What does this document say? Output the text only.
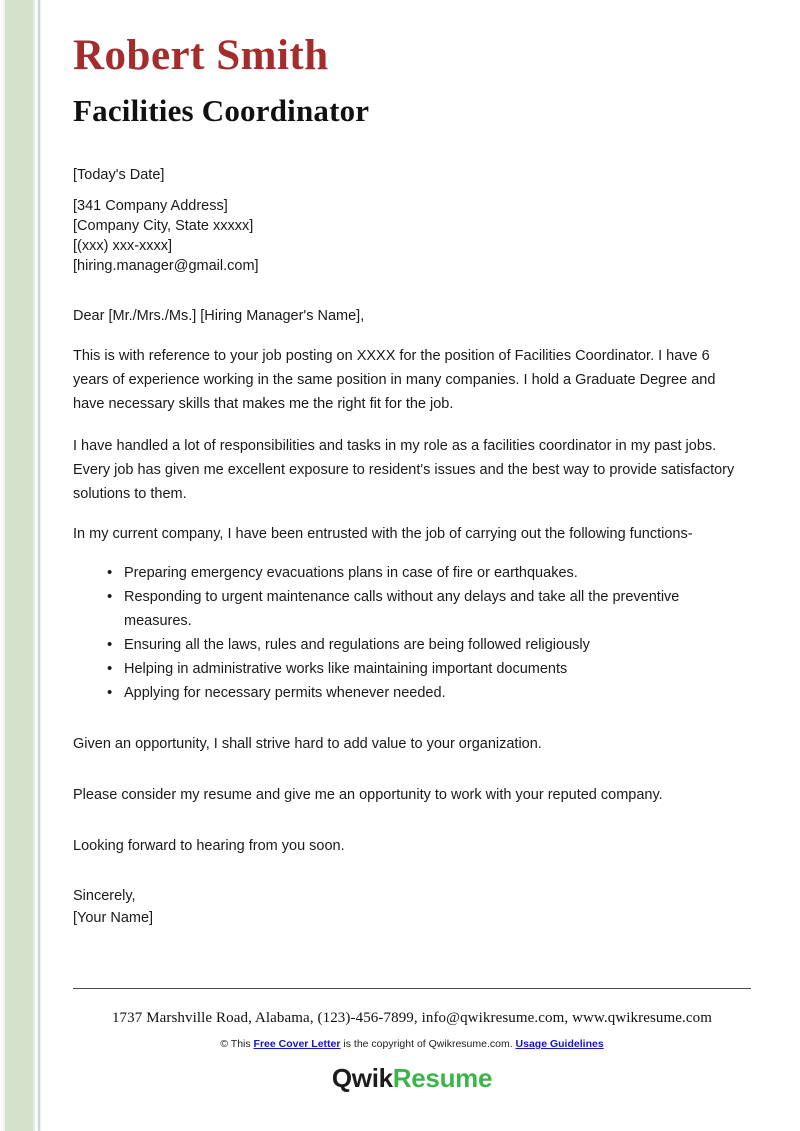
Robert Smith
Facilities Coordinator
[Today's Date]
[341 Company Address]
[Company City, State xxxxx]
[(xxx) xxx-xxxx]
[hiring.manager@gmail.com]
Dear [Mr./Mrs./Ms.] [Hiring Manager's Name],

This is with reference to your job posting on XXXX for the position of Facilities Coordinator. I have 6 years of experience working in the same position in many companies. I hold a Graduate Degree and have necessary skills that makes me the right fit for the job.

I have handled a lot of responsibilities and tasks in my role as a facilities coordinator in my past jobs. Every job has given me excellent exposure to resident's issues and the best way to provide satisfactory solutions to them.

In my current company, I have been entrusted with the job of carrying out the following functions-

• Preparing emergency evacuations plans in case of fire or earthquakes.
• Responding to urgent maintenance calls without any delays and take all the preventive measures.
• Ensuring all the laws, rules and regulations are being followed religiously
• Helping in administrative works like maintaining important documents
• Applying for necessary permits whenever needed.

Given an opportunity, I shall strive hard to add value to your organization.

Please consider my resume and give me an opportunity to work with your reputed company.

Looking forward to hearing from you soon.

Sincerely,
[Your Name]
1737 Marshville Road, Alabama, (123)-456-7899, info@qwikresume.com, www.qwikresume.com
© This Free Cover Letter is the copyright of Qwikresume.com. Usage Guidelines
QwikResume
